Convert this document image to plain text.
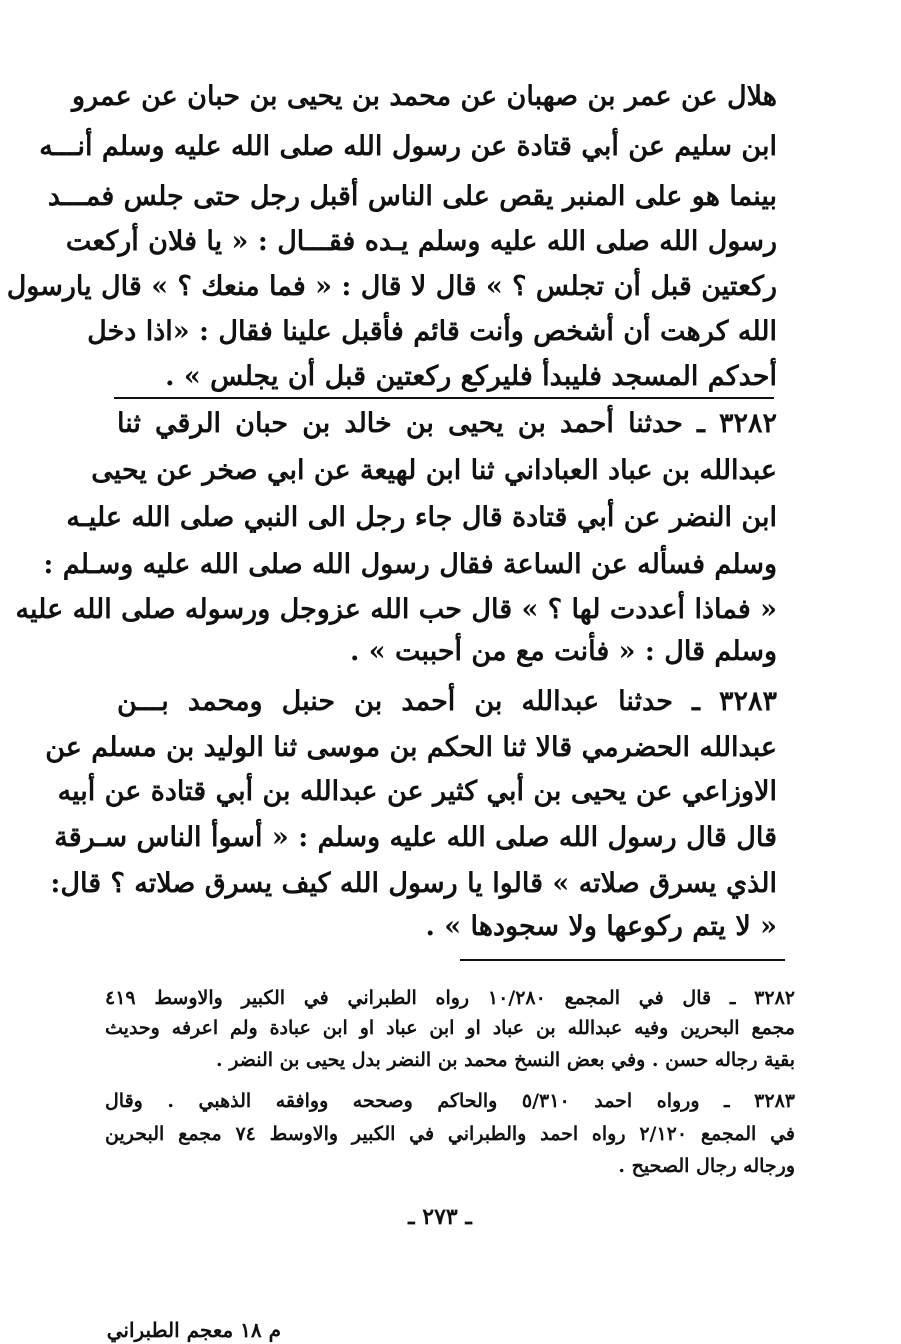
هلال عن عمر بن صهبان عن محمد بن يحيى بن حبان عن عمرو
ابن سليم عن أبي قتادة عن رسول الله صلى الله عليه وسلم أنـــه
بينما هو على المنبر يقص على الناس أقبل رجل حتى جلس فمـــد
رسول الله صلى الله عليه وسلم يـده فقـــال : « يا فلان أركعت
ركعتين قبل أن تجلس ؟ » قال لا قال : « فما منعك ؟ » قال يارسول
الله كرهت أن أشخص وأنت قائم فأقبل علينا فقال : «اذا دخل
أحدكم المسجد فليبدأ فليركع ركعتين قبل أن يجلس » .
٣٢٨٢ ـ حدثنا أحمد بن يحيى بن خالد بن حبان الرقي ثنا
عبدالله بن عباد العباداني ثنا ابن لهيعة عن ابي صخر عن يحيى
ابن النضر عن أبي قتادة قال جاء رجل الى النبي صلى الله عليـه
وسلم فسأله عن الساعة فقال رسول الله صلى الله عليه وسـلم :
« فماذا أعددت لها ؟ » قال حب الله عزوجل ورسوله صلى الله عليه
وسلم قال : « فأنت مع من أحببت » .
٣٢٨٣ ـ حدثنا عبدالله بن أحمد بن حنبل ومحمد بـــن
عبدالله الحضرمي قالا ثنا الحكم بن موسى ثنا الوليد بن مسلم عن
الاوزاعي عن يحيى بن أبي كثير عن عبدالله بن أبي قتادة عن أبيه
قال قال رسول الله صلى الله عليه وسلم : « أسوأ الناس سـرقة
الذي يسرق صلاته » قالوا يا رسول الله كيف يسرق صلاته ؟ قال:
« لا يتم ركوعها ولا سجودها » .
٣٢٨٢ ـ قال في المجمع ١٠/٢٨٠ رواه الطبراني في الكبير والاوسط ٤١٩
مجمع البحرين وفيه عبدالله بن عباد او ابن عباد او ابن عبادة ولم اعرفه وحديث
بقية رجاله حسن . وفي بعض النسخ محمد بن النضر بدل يحيى بن النضر .
٣٢٨٣ ـ ورواه احمد ٥/٣١٠ والحاكم وصححه ووافقه الذهبي . وقال
في المجمع ٢/١٢٠ رواه احمد والطبراني في الكبير والاوسط ٧٤ مجمع البحرين
ورجاله رجال الصحيح .
ـ ٢٧٣ ـ
م ١٨ معجم الطبراني
